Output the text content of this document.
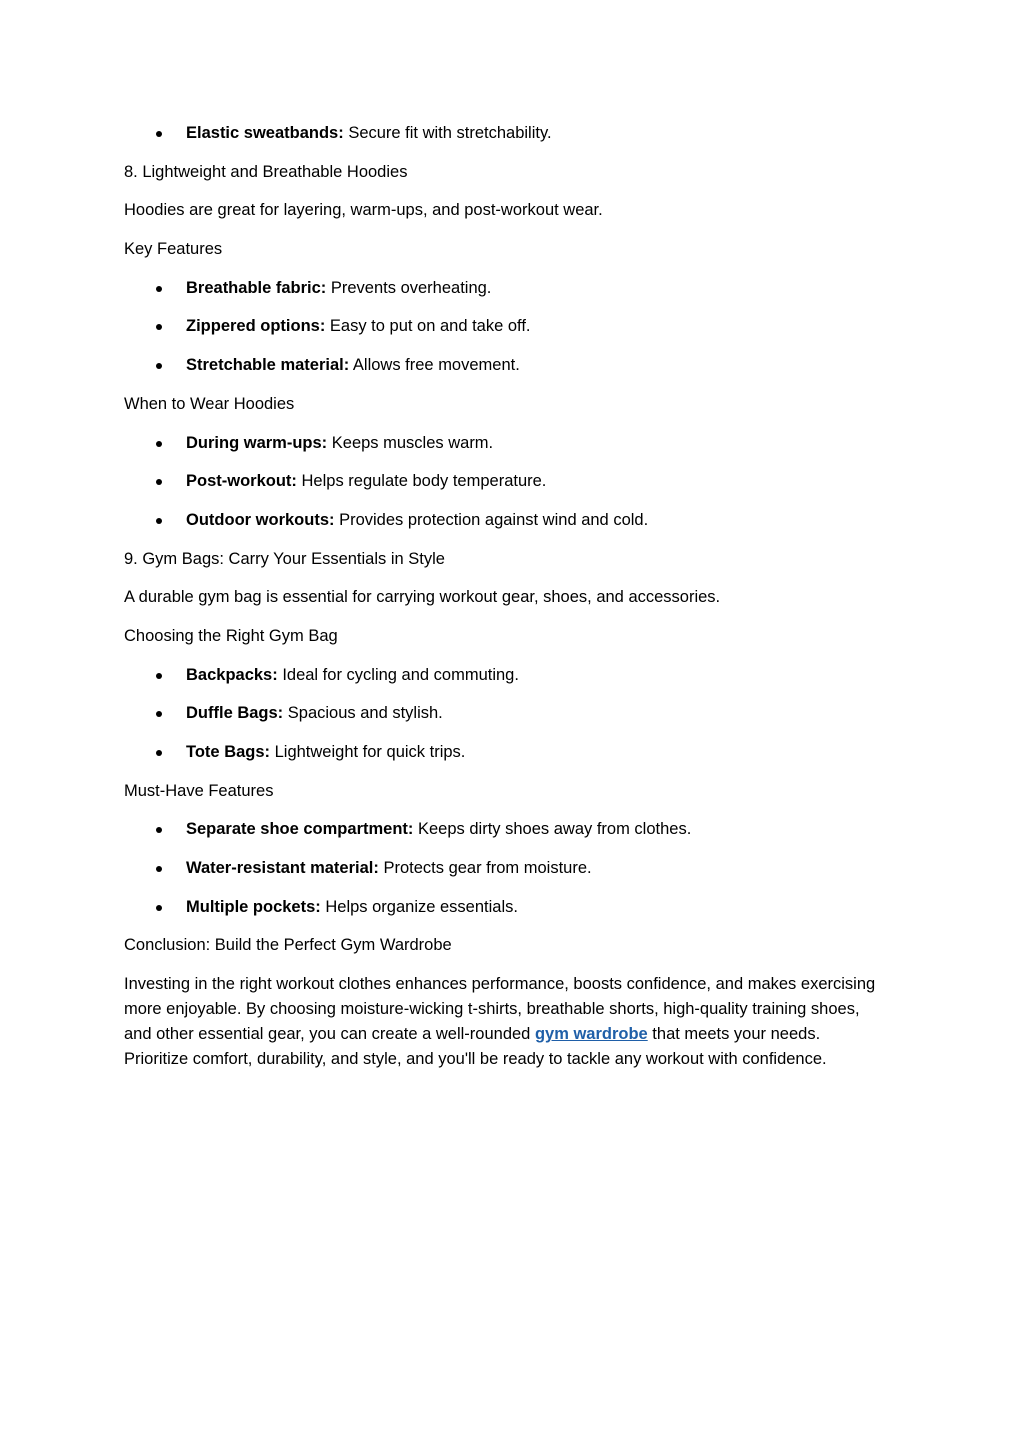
Elastic sweatbands: Secure fit with stretchability.

8. Lightweight and Breathable Hoodies

Hoodies are great for layering, warm-ups, and post-workout wear.

Key Features

Breathable fabric: Prevents overheating.
Zippered options: Easy to put on and take off.
Stretchable material: Allows free movement.

When to Wear Hoodies

During warm-ups: Keeps muscles warm.
Post-workout: Helps regulate body temperature.
Outdoor workouts: Provides protection against wind and cold.

9. Gym Bags: Carry Your Essentials in Style

A durable gym bag is essential for carrying workout gear, shoes, and accessories.

Choosing the Right Gym Bag

Backpacks: Ideal for cycling and commuting.
Duffle Bags: Spacious and stylish.
Tote Bags: Lightweight for quick trips.

Must-Have Features

Separate shoe compartment: Keeps dirty shoes away from clothes.
Water-resistant material: Protects gear from moisture.
Multiple pockets: Helps organize essentials.

Conclusion: Build the Perfect Gym Wardrobe

Investing in the right workout clothes enhances performance, boosts confidence, and makes exercising more enjoyable. By choosing moisture-wicking t-shirts, breathable shorts, high-quality training shoes, and other essential gear, you can create a well-rounded gym wardrobe that meets your needs. Prioritize comfort, durability, and style, and you'll be ready to tackle any workout with confidence.
